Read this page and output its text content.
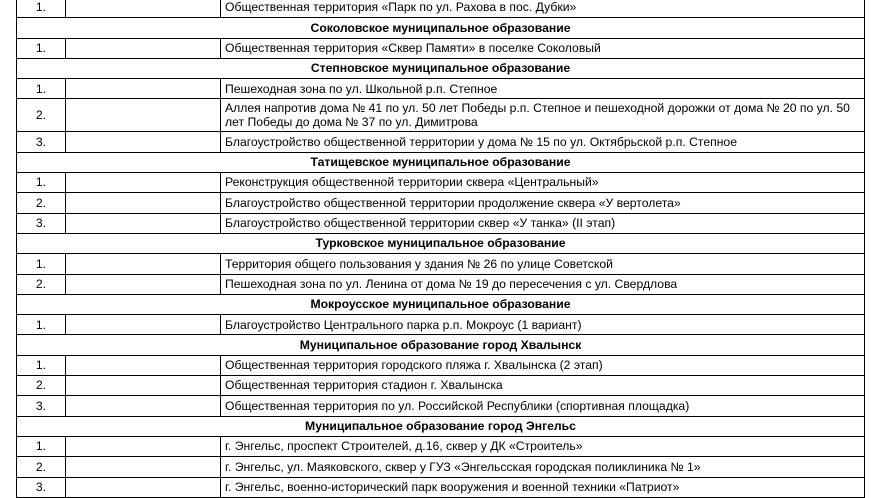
1.		Общественная территория «Парк по ул. Рахова в пос. Дубки»
Соколовское муниципальное образование		
1.		Общественная территория «Сквер Памяти» в поселке Соколовый
Степновское муниципальное образование		
1.		Пешеходная зона по ул. Школьной р.п. Степное
2.		Аллея напротив дома № 41 по ул. 50 лет Победы р.п. Степное и пешеходной дорожки от дома № 20 по ул. 50 лет Победы до дома № 37 по ул. Димитрова
3.		Благоустройство общественной территории у дома № 15 по ул. Октябрьской р.п. Степное
Татищевское муниципальное образование		
1.		Реконструкция общественной территории сквера «Центральный»
2.		Благоустройство общественной территории продолжение сквера «У вертолета»
3.		Благоустройство общественной территории сквер «У танка» (II этап)
Турковское муниципальное образование		
1.		Территория общего пользования у здания № 26 по улице Советской
2.		Пешеходная зона по ул. Ленина от дома № 19 до пересечения с ул. Свердлова
Мокроусское муниципальное образование		
1.		Благоустройство Центрального парка р.п. Мокроус (1 вариант)
Муниципальное образование город Хвалынск		
1.		Общественная территория городского пляжа г. Хвалынска (2 этап)
2.		Общественная территория стадион г. Хвалынска
3.		Общественная территория по ул. Российской Республики (спортивная площадка)
Муниципальное образование город Энгельс		
1.		г. Энгельс, проспект Строителей, д.16, сквер у ДК «Строитель»
2.		г. Энгельс, ул. Маяковского, сквер у ГУЗ «Энгельсская городская поликлиника № 1»
3.		г. Энгельс, военно-исторический парк вооружения и военной техники «Патриот»
